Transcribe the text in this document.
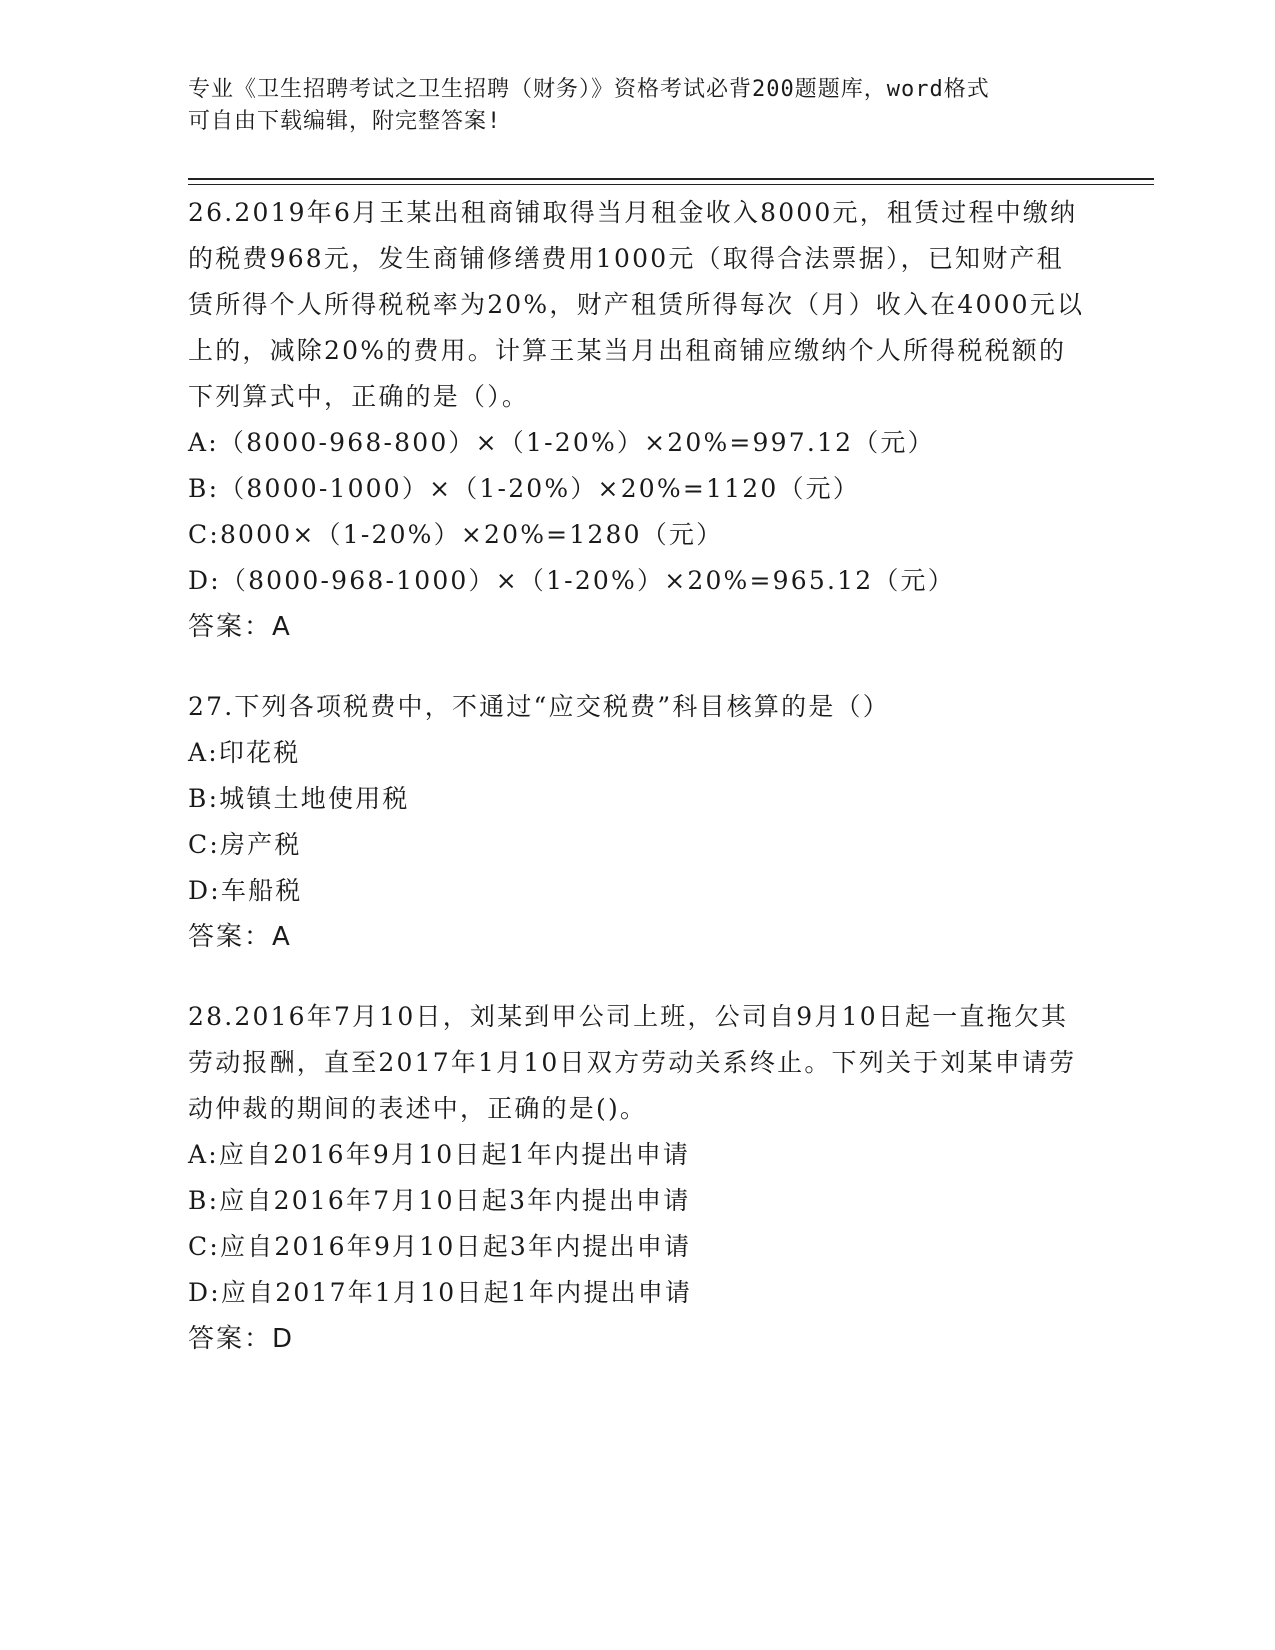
专业《卫生招聘考试之卫生招聘（财务）》资格考试必背200题题库，word格式
可自由下载编辑，附完整答案!

26.2019年6月王某出租商铺取得当月租金收入8000元，租赁过程中缴纳的税费968元，发生商铺修缮费用1000元（取得合法票据），已知财产租赁所得个人所得税税率为20%，财产租赁所得每次（月）收入在4000元以上的，减除20%的费用。计算王某当月出租商铺应缴纳个人所得税税额的下列算式中，正确的是（）。

A:（8000-968-800）×（1-20%）×20%=997.12（元）

B:（8000-1000）×（1-20%）×20%=1120（元）

C:8000×（1-20%）×20%=1280（元）

D:（8000-968-1000）×（1-20%）×20%=965.12（元）

答案：A

27.下列各项税费中，不通过“应交税费”科目核算的是（）

A:印花税

B:城镇土地使用税

C:房产税

D:车船税

答案：A

28.2016年7月10日，刘某到甲公司上班，公司自9月10日起一直拖欠其劳动报酬，直至2017年1月10日双方劳动关系终止。下列关于刘某申请劳动仲裁的期间的表述中，正确的是()。

A:应自2016年9月10日起1年内提出申请

B:应自2016年7月10日起3年内提出申请

C:应自2016年9月10日起3年内提出申请

D:应自2017年1月10日起1年内提出申请

答案：D
